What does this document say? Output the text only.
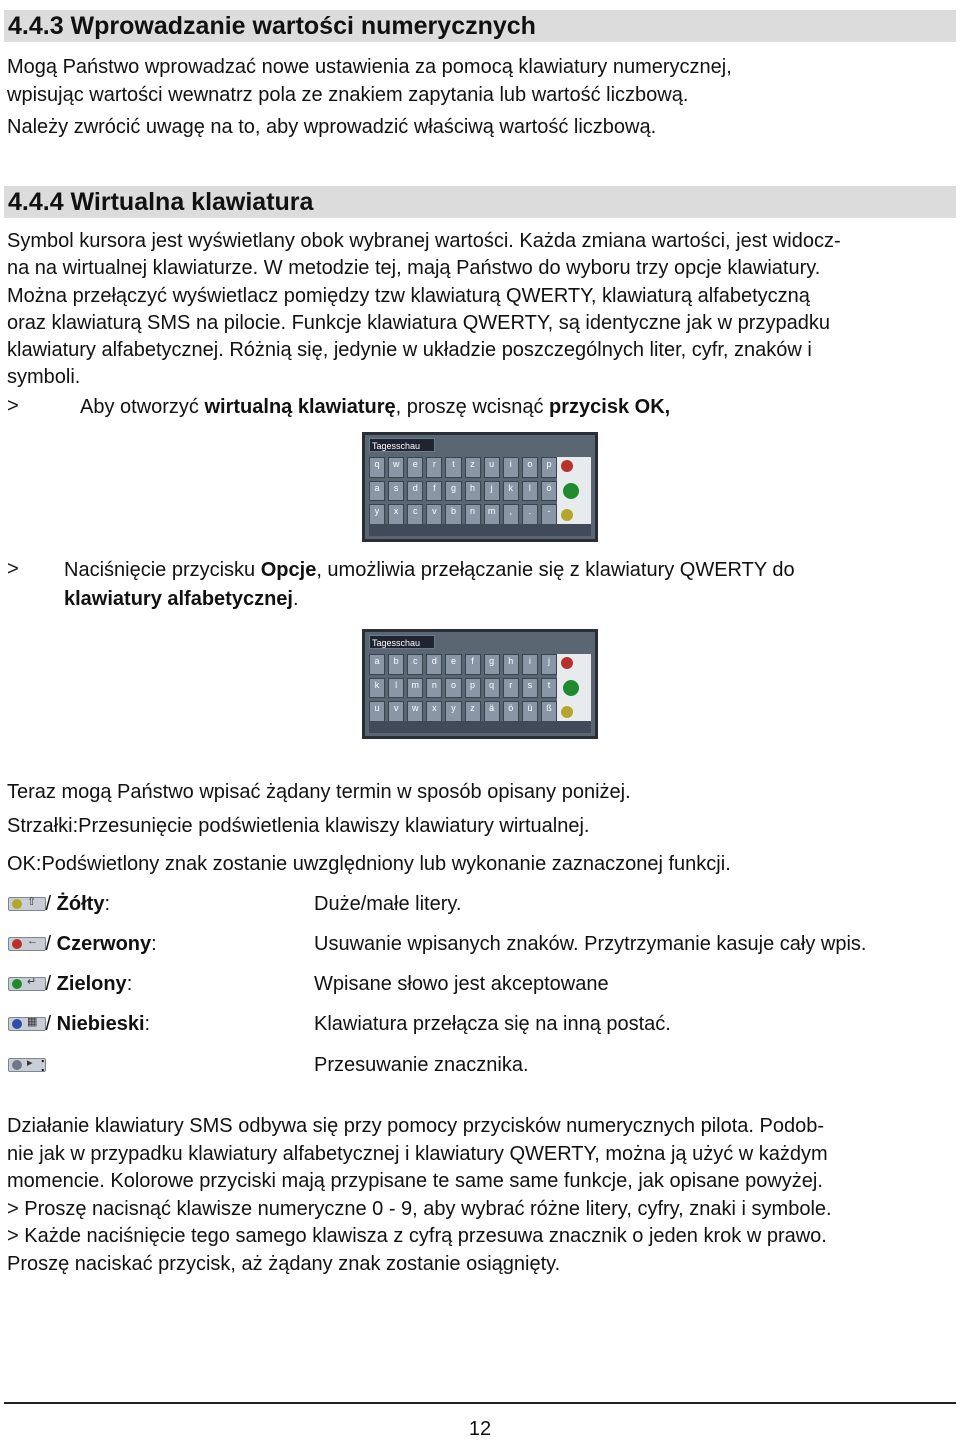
4.4.3 Wprowadzanie wartości numerycznych
Mogą Państwo wprowadzać nowe ustawienia za pomocą klawiatury numerycznej,
wpisując wartości wewnatrz pola ze znakiem zapytania lub wartość liczbową.
Należy zwrócić uwagę na to, aby wprowadzić właściwą wartość liczbową.
4.4.4 Wirtualna klawiatura
Symbol kursora jest wyświetlany obok wybranej wartości. Każda zmiana wartości, jest widocz-
na na wirtualnej klawiaturze. W metodzie tej, mają Państwo do wyboru trzy opcje klawiatury.
Można przełączyć wyświetlacz pomiędzy tzw klawiaturą QWERTY, klawiaturą alfabetyczną
oraz klawiaturą SMS na pilocie. Funkcje klawiatura QWERTY, są identyczne jak w przypadku
klawiatury alfabetycznej. Różnią się, jedynie w układzie poszczególnych liter, cyfr, znaków i
symboli.
>	Aby otworzyć wirtualną klawiaturę, proszę wcisnąć przycisk OK,
Tagesschau
q	w	e	r	t	z	u	i	o	p
a	s	d	f	g	h	j	k	l	ö
y	x	c	v	b	n	m	,	.	-
> Naciśnięcie przycisku Opcje, umożliwia przełączanie się z klawiatury QWERTY do
klawiatury alfabetycznej.
Tagesschau
a	b	c	d	e	f	g	h	i	j
k	l	m	n	o	p	q	r	s	t
u	v	w	x	y	z	ä	ö	ü	ß
Teraz mogą Państwo wpisać żądany termin w sposób opisany poniżej.
Strzałki:Przesunięcie podświetlenia klawiszy klawiatury wirtualnej.
OK:Podświetlony znak zostanie uwzględniony lub wykonanie zaznaczonej funkcji.
⇧ / Żółty:	Duże/małe litery.
← / Czerwony:	Usuwanie wpisanych znaków. Przytrzymanie kasuje cały wpis.
↵ / Zielony:	Wpisane słowo jest akceptowane
▦ / Niebieski:	Klawiatura przełącza się na inną postać.
▸ :	Przesuwanie znacznika.
Działanie klawiatury SMS odbywa się przy pomocy przycisków numerycznych pilota. Podob-
nie jak w przypadku klawiatury alfabetycznej i klawiatury QWERTY, można ją użyć w każdym
momencie. Kolorowe przyciski mają przypisane te same same funkcje, jak opisane powyżej.
> Proszę nacisnąć klawisze numeryczne 0 - 9, aby wybrać różne litery, cyfry, znaki i symbole.
> Każde naciśnięcie tego samego klawisza z cyfrą przesuwa znacznik o jeden krok w prawo.
Proszę naciskać przycisk, aż żądany znak zostanie osiągnięty.
12
